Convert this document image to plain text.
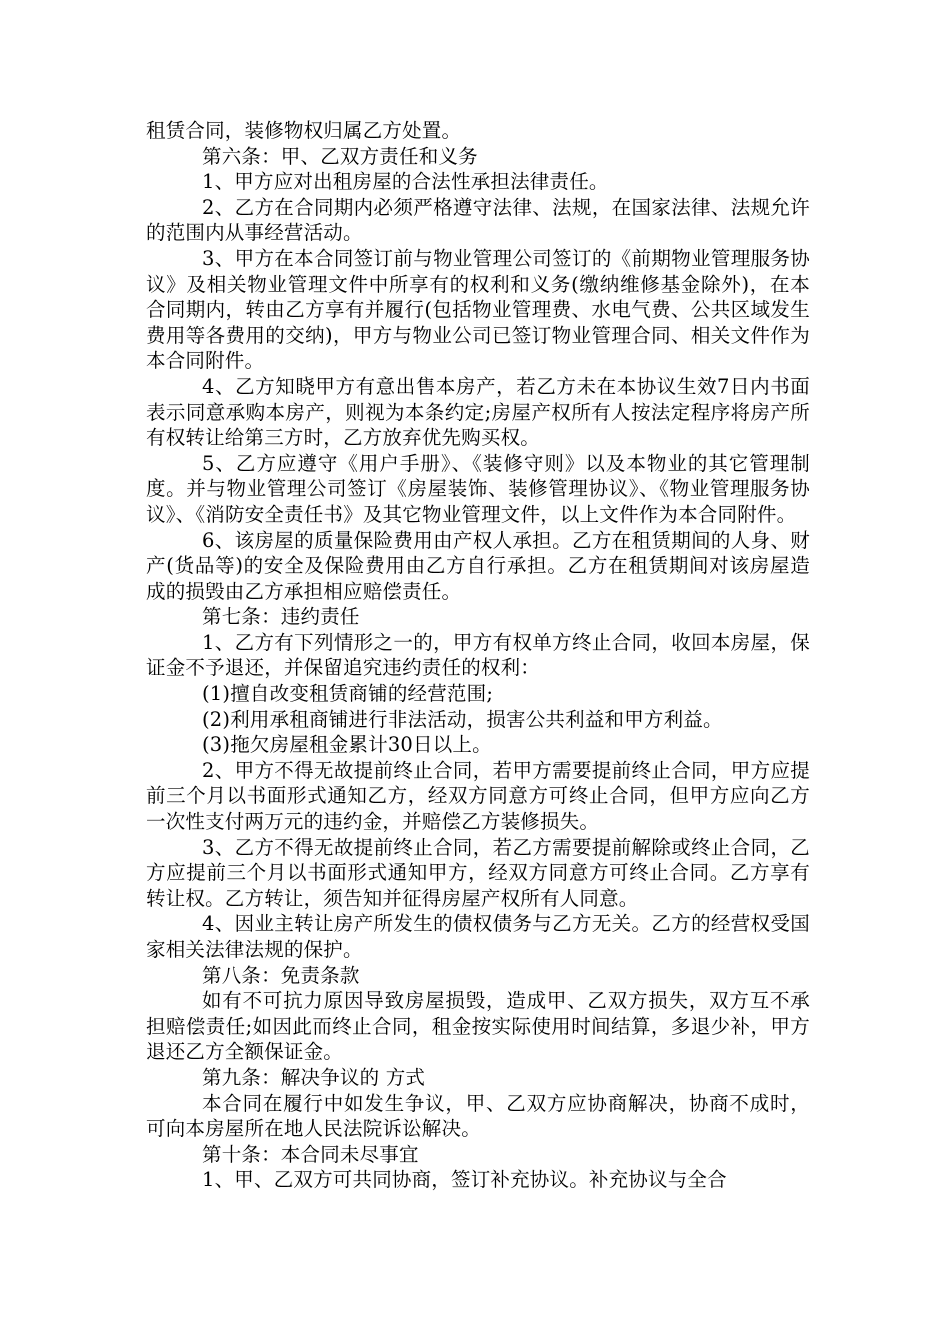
租赁合同，装修物权归属乙方处置。

第六条：甲、乙双方责任和义务

1、甲方应对出租房屋的合法性承担法律责任。

2、乙方在合同期内必须严格遵守法律、法规，在国家法律、法规允许的范围内从事经营活动。

3、甲方在本合同签订前与物业管理公司签订的《前期物业管理服务协议》及相关物业管理文件中所享有的权利和义务(缴纳维修基金除外)，在本合同期内，转由乙方享有并履行(包括物业管理费、水电气费、公共区域发生费用等各费用的交纳)，甲方与物业公司已签订物业管理合同、相关文件作为本合同附件。

4、乙方知晓甲方有意出售本房产，若乙方未在本协议生效7日内书面表示同意承购本房产，则视为本条约定;房屋产权所有人按法定程序将房产所有权转让给第三方时，乙方放弃优先购买权。

5、乙方应遵守《用户手册》、《装修守则》以及本物业的其它管理制度。并与物业管理公司签订《房屋装饰、装修管理协议》、《物业管理服务协议》、《消防安全责任书》及其它物业管理文件，以上文件作为本合同附件。

6、该房屋的质量保险费用由产权人承担。乙方在租赁期间的人身、财产(货品等)的安全及保险费用由乙方自行承担。乙方在租赁期间对该房屋造成的损毁由乙方承担相应赔偿责任。

第七条：违约责任

1、乙方有下列情形之一的，甲方有权单方终止合同，收回本房屋，保证金不予退还，并保留追究违约责任的权利：

(1)擅自改变租赁商铺的经营范围;

(2)利用承租商铺进行非法活动，损害公共利益和甲方利益。

(3)拖欠房屋租金累计30日以上。

2、甲方不得无故提前终止合同，若甲方需要提前终止合同，甲方应提前三个月以书面形式通知乙方，经双方同意方可终止合同，但甲方应向乙方一次性支付两万元的违约金，并赔偿乙方装修损失。

3、乙方不得无故提前终止合同，若乙方需要提前解除或终止合同，乙方应提前三个月以书面形式通知甲方，经双方同意方可终止合同。乙方享有转让权。乙方转让，须告知并征得房屋产权所有人同意。

4、因业主转让房产所发生的债权债务与乙方无关。乙方的经营权受国家相关法律法规的保护。

第八条：免责条款

如有不可抗力原因导致房屋损毁，造成甲、乙双方损失，双方互不承担赔偿责任;如因此而终止合同，租金按实际使用时间结算，多退少补，甲方退还乙方全额保证金。

第九条：解决争议的 方式

本合同在履行中如发生争议，甲、乙双方应协商解决，协商不成时，可向本房屋所在地人民法院诉讼解决。

第十条：本合同未尽事宜

1、甲、乙双方可共同协商，签订补充协议。补充协议与全合
